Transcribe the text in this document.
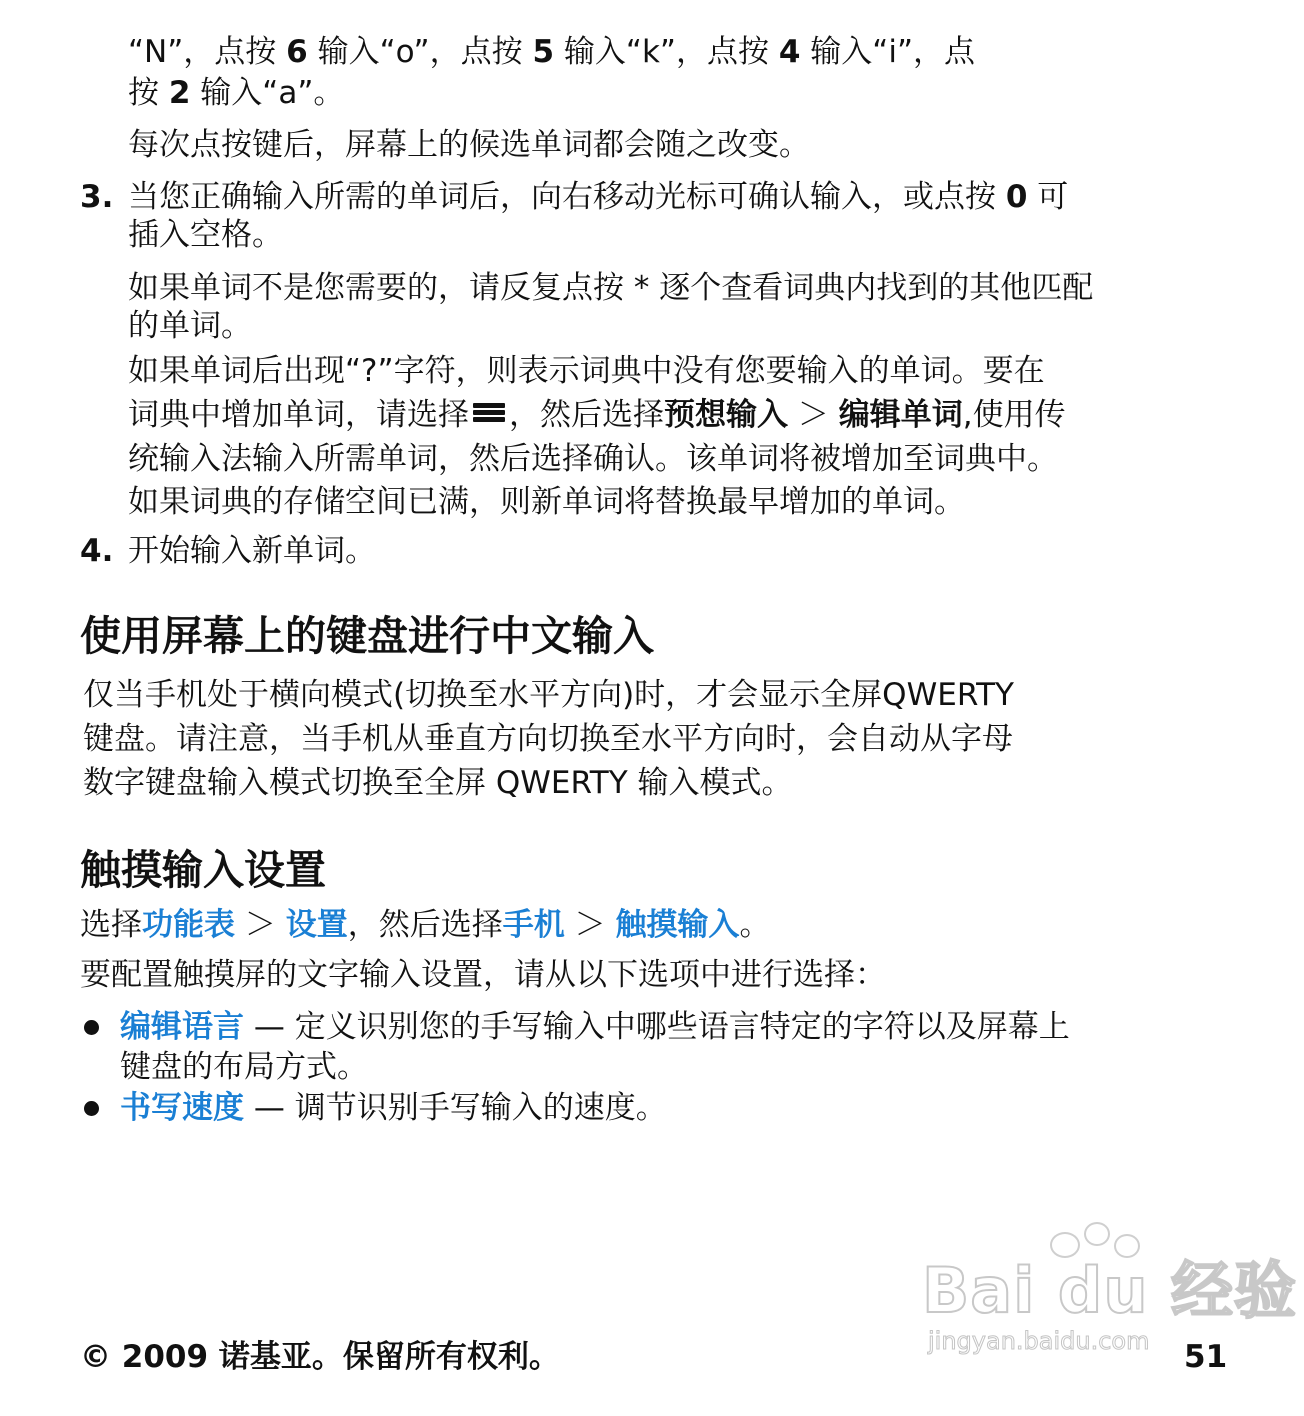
“N”，点按 6 输入“o”，点按 5 输入“k”，点按 4 输入“i”，点
按 2 输入“a”。
每次点按键后，屏幕上的候选单词都会随之改变。
3. 当您正确输入所需的单词后，向右移动光标可确认输入，或点按 0 可
插入空格。
如果单词不是您需要的，请反复点按 * 逐个查看词典内找到的其他匹配
的单词。
如果单词后出现“?”字符，则表示词典中没有您要输入的单词。要在
词典中增加单词，请选择 ，然后选择预想输入 ＞ 编辑单词,使用传
统输入法输入所需单词，然后选择确认。该单词将被增加至词典中。
如果词典的存储空间已满，则新单词将替换最早增加的单词。
4. 开始输入新单词。
使用屏幕上的键盘进行中文输入
仅当手机处于横向模式(切换至水平方向)时，才会显示全屏QWERTY
键盘。请注意，当手机从垂直方向切换至水平方向时，会自动从字母
数字键盘输入模式切换至全屏 QWERTY 输入模式。
触摸输入设置
选择功能表 ＞ 设置，然后选择手机 ＞ 触摸输入。
要配置触摸屏的文字输入设置，请从以下选项中进行选择：
编辑语言 — 定义识别您的手写输入中哪些语言特定的字符以及屏幕上
键盘的布局方式。
书写速度 — 调节识别手写输入的速度。
Bai du 经验
jingyan.baidu.com
© 2009 诺基亚。保留所有权利。	51
